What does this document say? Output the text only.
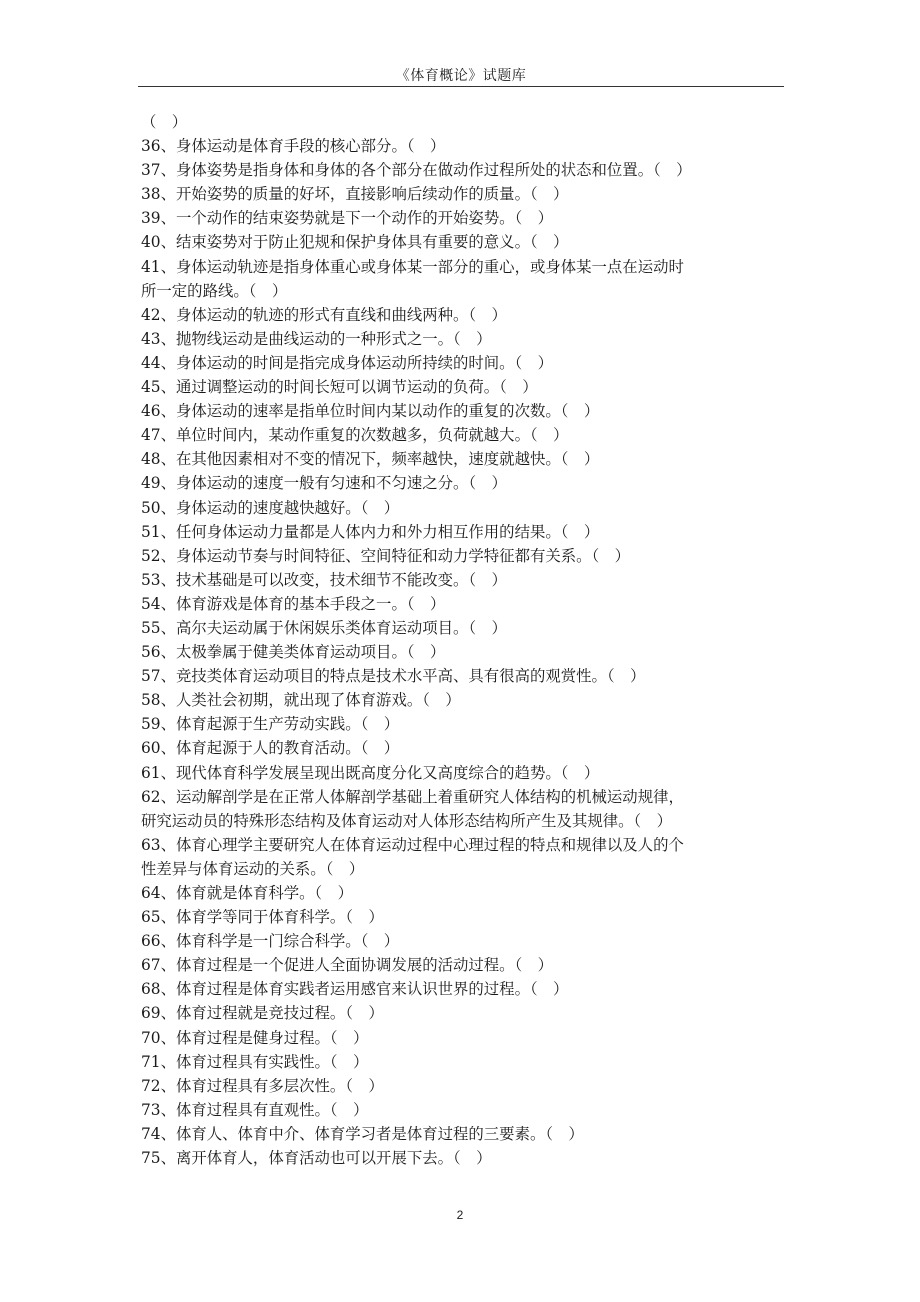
《体育概论》试题库
（　）
36、身体运动是体育手段的核心部分。（　）
37、身体姿势是指身体和身体的各个部分在做动作过程所处的状态和位置。（　）
38、开始姿势的质量的好坏，直接影响后续动作的质量。（　）
39、一个动作的结束姿势就是下一个动作的开始姿势。（　）
40、结束姿势对于防止犯规和保护身体具有重要的意义。（　）
41、身体运动轨迹是指身体重心或身体某一部分的重心，或身体某一点在运动时
所一定的路线。（　）
42、身体运动的轨迹的形式有直线和曲线两种。（　）
43、抛物线运动是曲线运动的一种形式之一。（　）
44、身体运动的时间是指完成身体运动所持续的时间。（　）
45、通过调整运动的时间长短可以调节运动的负荷。（　）
46、身体运动的速率是指单位时间内某以动作的重复的次数。（　）
47、单位时间内，某动作重复的次数越多，负荷就越大。（　）
48、在其他因素相对不变的情况下，频率越快，速度就越快。（　）
49、身体运动的速度一般有匀速和不匀速之分。（　）
50、身体运动的速度越快越好。（　）
51、任何身体运动力量都是人体内力和外力相互作用的结果。（　）
52、身体运动节奏与时间特征、空间特征和动力学特征都有关系。（　）
53、技术基础是可以改变，技术细节不能改变。（　）
54、体育游戏是体育的基本手段之一。（　）
55、高尔夫运动属于休闲娱乐类体育运动项目。（　）
56、太极拳属于健美类体育运动项目。（　）
57、竞技类体育运动项目的特点是技术水平高、具有很高的观赏性。（　）
58、人类社会初期，就出现了体育游戏。（　）
59、体育起源于生产劳动实践。（　）
60、体育起源于人的教育活动。（　）
61、现代体育科学发展呈现出既高度分化又高度综合的趋势。（　）
62、运动解剖学是在正常人体解剖学基础上着重研究人体结构的机械运动规律，
研究运动员的特殊形态结构及体育运动对人体形态结构所产生及其规律。（　）
63、体育心理学主要研究人在体育运动过程中心理过程的特点和规律以及人的个
性差异与体育运动的关系。（　）
64、体育就是体育科学。（　）
65、体育学等同于体育科学。（　）
66、体育科学是一门综合科学。（　）
67、体育过程是一个促进人全面协调发展的活动过程。（　）
68、体育过程是体育实践者运用感官来认识世界的过程。（　）
69、体育过程就是竞技过程。（　）
70、体育过程是健身过程。（　）
71、体育过程具有实践性。（　）
72、体育过程具有多层次性。（　）
73、体育过程具有直观性。（　）
74、体育人、体育中介、体育学习者是体育过程的三要素。（　）
75、离开体育人，体育活动也可以开展下去。（　）
2
